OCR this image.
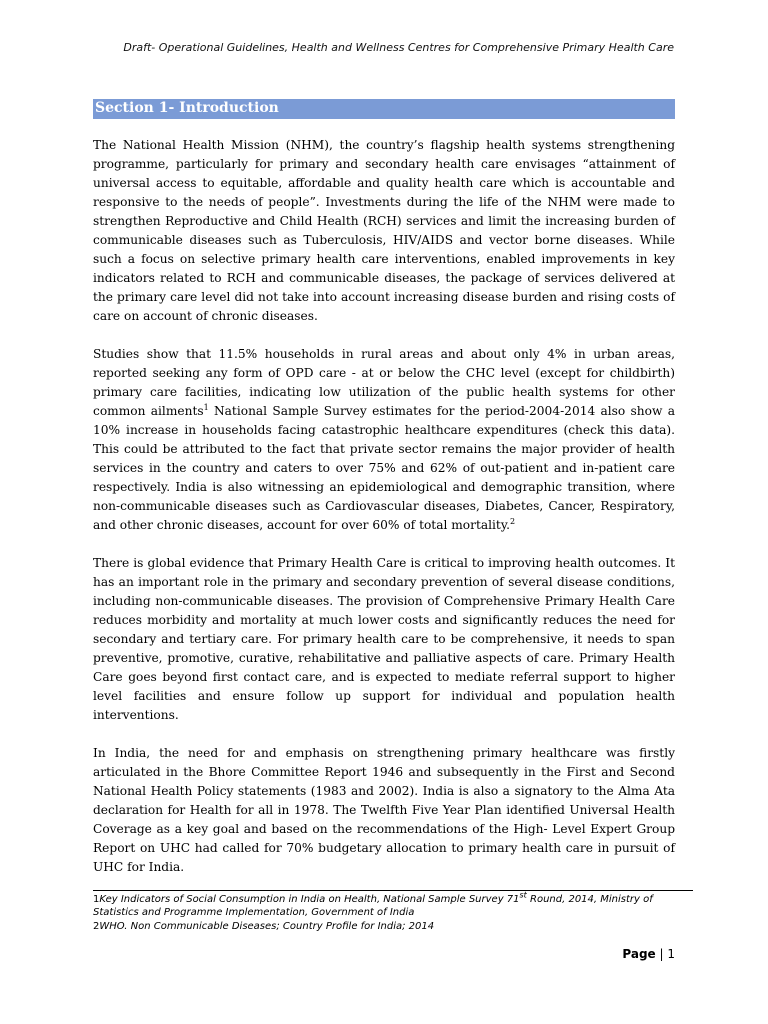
Draft- Operational Guidelines, Health and Wellness Centres for Comprehensive Primary Health Care
Section 1- Introduction

The National Health Mission (NHM), the country’s flagship health systems strengthening programme, particularly for primary and secondary health care envisages “attainment of universal access to equitable, affordable and quality health care which is accountable and responsive to the needs of people”. Investments during the life of the NHM were made to strengthen Reproductive and Child Health (RCH) services and limit the increasing burden of communicable diseases such as Tuberculosis, HIV/AIDS and vector borne diseases. While such a focus on selective primary health care interventions, enabled improvements in key indicators related to RCH and communicable diseases, the package of services delivered at the primary care level did not take into account increasing disease burden and rising costs of care on account of chronic diseases.

Studies show that 11.5% households in rural areas and about only 4% in urban areas, reported seeking any form of OPD care - at or below the CHC level (except for childbirth) primary care facilities, indicating low utilization of the public health systems for other common ailments$^1$ National Sample Survey estimates for the period-2004-2014 also show a 10% increase in households facing catastrophic healthcare expenditures (check this data). This could be attributed to the fact that private sector remains the major provider of health services in the country and caters to over 75% and 62% of out-patient and in-patient care respectively. India is also witnessing an epidemiological and demographic transition, where non-communicable diseases such as Cardiovascular diseases, Diabetes, Cancer, Respiratory, and other chronic diseases, account for over 60% of total mortality.$^2$

There is global evidence that Primary Health Care is critical to improving health outcomes. It has an important role in the primary and secondary prevention of several disease conditions, including non-communicable diseases. The provision of Comprehensive Primary Health Care reduces morbidity and mortality at much lower costs and significantly reduces the need for secondary and tertiary care. For primary health care to be comprehensive, it needs to span preventive, promotive, curative, rehabilitative and palliative aspects of care. Primary Health Care goes beyond first contact care, and is expected to mediate referral support to higher level facilities and ensure follow up support for individual and population health interventions.

In India, the need for and emphasis on strengthening primary healthcare was firstly articulated in the Bhore Committee Report 1946 and subsequently in the First and Second National Health Policy statements (1983 and 2002). India is also a signatory to the Alma Ata declaration for Health for all in 1978. The Twelfth Five Year Plan identified Universal Health Coverage as a key goal and based on the recommendations of the High- Level Expert Group Report on UHC had called for 70% budgetary allocation to primary health care in pursuit of UHC for India.

1Key Indicators of Social Consumption in India on Health, National Sample Survey 71st Round, 2014, Ministry of Statistics and Programme Implementation, Government of India
2WHO. Non Communicable Diseases; Country Profile for India; 2014
Page | 1
